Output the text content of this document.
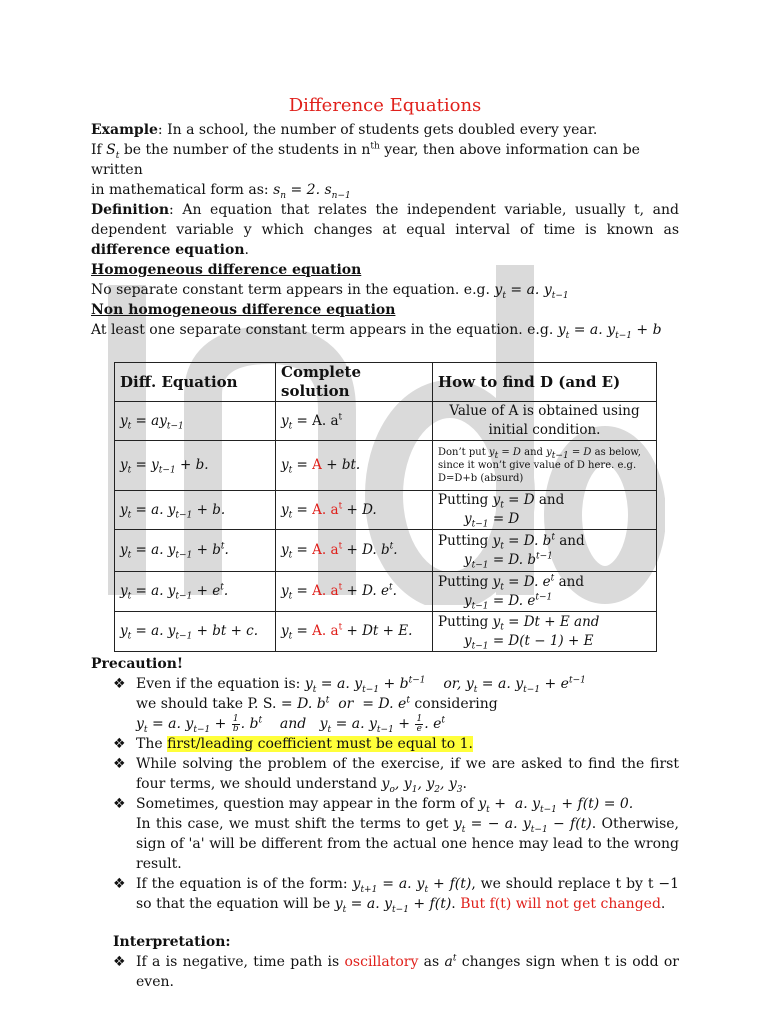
Difference Equations

Example: In a school, the number of students gets doubled every year.

If $S_t$ be the number of the students in $n^{th}$ year, then above information can be written

in mathematical form as: $s_n = 2$. $s_{n-1}$

Definition: An equation that relates the independent variable, usually t, and dependent variable y which changes at equal interval of time is known as difference equation.

Homogeneous difference equation

No separate constant term appears in the equation. e.g. $y_t = a$. $y_{t-1}$

Non homogeneous difference equation

At least one separate constant term appears in the equation. e.g. $y_t = a$. $y_{t-1} + b$

Diff. Equation	Complete solution	How to find D (and E)
$y_t = ay_{t-1}$	$y_t = A$. $a^t$	Value of A is obtained using initial condition.
$y_t = y_{t-1} + b$.	$y_t = A$ + bt.	Don’t put $y_t = D$ and $y_{t-1} = D$ as below, since it won’t give value of D here. e.g. D=D+b (absurd)
$y_t = a$. $y_{t-1} + b$.	$y_t = A$. $a^t + D$.	Putting $y_t = D$ and
$y_{t-1} = D$
$y_t = a$. $y_{t-1} + b^t$.	$y_t = A$. $a^t + D$. $b^t$.	Putting $y_t = D$. $b^t$ and
$y_{t-1} = D$. $b^{t-1}$
$y_t = a$. $y_{t-1} + e^t$.	$y_t = A$. $a^t + D$. $e^t$.	Putting $y_t = D$. $e^t$ and
$y_{t-1} = D$. $e^{t-1}$
$y_t = a$. $y_{t-1}$ + bt + c.	$y_t = A$. $a^t + Dt + E$.	Putting $y_t = Dt + E$ and
$y_{t-1} = D(t - 1) + E$

Precaution!

❖ Even if the equation is: $y_t = a$. $y_{t-1} + b^{t-1}$    or, $y_t = a$. $y_{t-1} + e^{t-1}$
we should take P. S. = D. $b^t$  or  = D. $e^t$ considering
$y_t = a$. $y_{t-1} + \frac{1}{b}$ . $b^t$    and   $y_t = a$. $y_{t-1} + \frac{1}{e}$ . $e^t$
❖ The first/leading coefficient must be equal to 1.
❖ While solving the problem of the exercise, if we are asked to find the first four terms, we should understand $y_o$, $y_1$, $y_2$, $y_3$.
❖ Sometimes, question may appear in the form of $y_t + a$. $y_{t-1} + f(t) = 0$.
In this case, we must shift the terms to get $y_t$ = − a. $y_{t-1} - f(t)$. Otherwise, sign of 'a' will be different from the actual one hence may lead to the wrong result.
❖ If the equation is of the form: $y_{t+1} = a$. $y_t + f(t)$, we should replace t by t −1 so that the equation will be $y_t = a$. $y_{t-1} + f(t)$. But f(t) will not get changed.

Interpretation:

❖ If a is negative, time path is oscillatory as $a^t$ changes sign when t is odd or even.
